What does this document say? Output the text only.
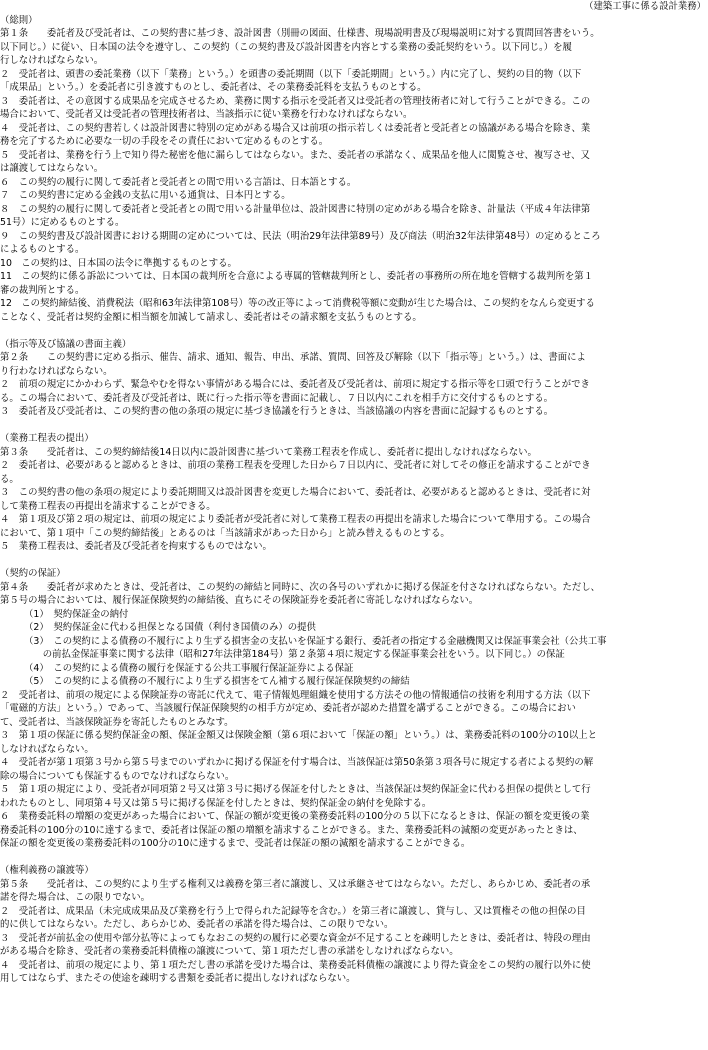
（建築工事に係る設計業務）
（総則）
第１条　　委託者及び受託者は、この契約書に基づき、設計図書（別冊の図面、仕様書、現場説明書及び現場説明に対する質問回答書をいう。
以下同じ。）に従い、日本国の法令を遵守し、この契約（この契約書及び設計図書を内容とする業務の委託契約をいう。以下同じ。）を履
行しなければならない。
２　受託者は、頭書の委託業務（以下「業務」という。）を頭書の委託期間（以下「委託期間」という。）内に完了し、契約の目的物（以下
「成果品」という。）を委託者に引き渡すものとし、委託者は、その業務委託料を支払うものとする。
３　委託者は、その意図する成果品を完成させるため、業務に関する指示を受託者又は受託者の管理技術者に対して行うことができる。この
場合において、受託者又は受託者の管理技術者は、当該指示に従い業務を行わなければならない。
４　受託者は、この契約書若しくは設計図書に特別の定めがある場合又は前項の指示若しくは委託者と受託者との協議がある場合を除き、業
務を完了するために必要な一切の手段をその責任において定めるものとする。
５　受託者は、業務を行う上で知り得た秘密を他に漏らしてはならない。また、委託者の承諾なく、成果品を他人に閲覧させ、複写させ、又
は譲渡してはならない。
６　この契約の履行に関して委託者と受託者との間で用いる言語は、日本語とする。
７　この契約書に定める金銭の支払に用いる通貨は、日本円とする。
８　この契約の履行に関して委託者と受託者との間で用いる計量単位は、設計図書に特別の定めがある場合を除き、計量法（平成４年法律第
51号）に定めるものとする。
９　この契約書及び設計図書における期間の定めについては、民法（明治29年法律第89号）及び商法（明治32年法律第48号）の定めるところ
によるものとする。
10　この契約は、日本国の法令に準拠するものとする。
11　この契約に係る訴訟については、日本国の裁判所を合意による専属的管轄裁判所とし、委託者の事務所の所在地を管轄する裁判所を第１
審の裁判所とする。
12　この契約締結後、消費税法（昭和63年法律第108号）等の改正等によって消費税等額に変動が生じた場合は、この契約をなんら変更する
ことなく、受託者は契約金額に相当額を加減して請求し、委託者はその請求額を支払うものとする。
（指示等及び協議の書面主義）
第２条　　この契約書に定める指示、催告、請求、通知、報告、申出、承諾、質問、回答及び解除（以下「指示等」という。）は、書面によ
り行わなければならない。
２　前項の規定にかかわらず、緊急やむを得ない事情がある場合には、委託者及び受託者は、前項に規定する指示等を口頭で行うことができ
る。この場合において、委託者及び受託者は、既に行った指示等を書面に記載し、７日以内にこれを相手方に交付するものとする。
３　委託者及び受託者は、この契約書の他の条項の規定に基づき協議を行うときは、当該協議の内容を書面に記録するものとする。
（業務工程表の提出）
第３条　　受託者は、この契約締結後14日以内に設計図書に基づいて業務工程表を作成し、委託者に提出しなければならない。
２　委託者は、必要があると認めるときは、前項の業務工程表を受理した日から７日以内に、受託者に対してその修正を請求することができ
る。
３　この契約書の他の条項の規定により委託期間又は設計図書を変更した場合において、委託者は、必要があると認めるときは、受託者に対
して業務工程表の再提出を請求することができる。
４　第１項及び第２項の規定は、前項の規定により委託者が受託者に対して業務工程表の再提出を請求した場合について準用する。この場合
において、第１項中「この契約締結後」とあるのは「当該請求があった日から」と読み替えるものとする。
５　業務工程表は、委託者及び受託者を拘束するものではない。
（契約の保証）
第４条　　委託者が求めたときは、受託者は、この契約の締結と同時に、次の各号のいずれかに掲げる保証を付さなければならない。ただし、
第５号の場合においては、履行保証保険契約の締結後、直ちにその保険証券を委託者に寄託しなければならない。
（1）　契約保証金の納付
（2）　契約保証金に代わる担保となる国債（利付き国債のみ）の提供
（3）　この契約による債務の不履行により生ずる損害金の支払いを保証する銀行、委託者の指定する金融機関又は保証事業会社（公共工事
　　の前払金保証事業に関する法律（昭和27年法律第184号）第２条第４項に規定する保証事業会社をいう。以下同じ。）の保証
（4）　この契約による債務の履行を保証する公共工事履行保証証券による保証
（5）　この契約による債務の不履行により生ずる損害をてん補する履行保証保険契約の締結
２　受託者は、前項の規定による保険証券の寄託に代えて、電子情報処理組織を使用する方法その他の情報通信の技術を利用する方法（以下
「電磁的方法」という。）であって、当該履行保証保険契約の相手方が定め、委託者が認めた措置を講ずることができる。この場合におい
て、受託者は、当該保険証券を寄託したものとみなす。
３　第１項の保証に係る契約保証金の額、保証金額又は保険金額（第６項において「保証の額」という。）は、業務委託料の100分の10以上と
しなければならない。
４　受託者が第１項第３号から第５号までのいずれかに掲げる保証を付す場合は、当該保証は第50条第３項各号に規定する者による契約の解
除の場合についても保証するものでなければならない。
５　第１項の規定により、受託者が同項第２号又は第３号に掲げる保証を付したときは、当該保証は契約保証金に代わる担保の提供として行
われたものとし、同項第４号又は第５号に掲げる保証を付したときは、契約保証金の納付を免除する。
６　業務委託料の増額の変更があった場合において、保証の額が変更後の業務委託料の100分の５以下になるときは、保証の額を変更後の業
務委託料の100分の10に達するまで、委託者は保証の額の増額を請求することができる。また、業務委託料の減額の変更があったときは、
保証の額を変更後の業務委託料の100分の10に達するまで、受託者は保証の額の減額を請求することができる。
（権利義務の譲渡等）
第５条　　受託者は、この契約により生ずる権利又は義務を第三者に譲渡し、又は承継させてはならない。ただし、あらかじめ、委託者の承
諾を得た場合は、この限りでない。
２　受託者は、成果品（未完成成果品及び業務を行う上で得られた記録等を含む。）を第三者に譲渡し、貸与し、又は質権その他の担保の目
的に供してはならない。ただし、あらかじめ、委託者の承諾を得た場合は、この限りでない。
３　受託者が前払金の使用や部分払等によってもなおこの契約の履行に必要な資金が不足することを疎明したときは、委託者は、特段の理由
がある場合を除き、受託者の業務委託料債権の譲渡について、第１項ただし書の承諾をしなければならない。
４　受託者は、前項の規定により、第１項ただし書の承諾を受けた場合は、業務委託料債権の譲渡により得た資金をこの契約の履行以外に使
用してはならず、またその使途を疎明する書類を委託者に提出しなければならない。
